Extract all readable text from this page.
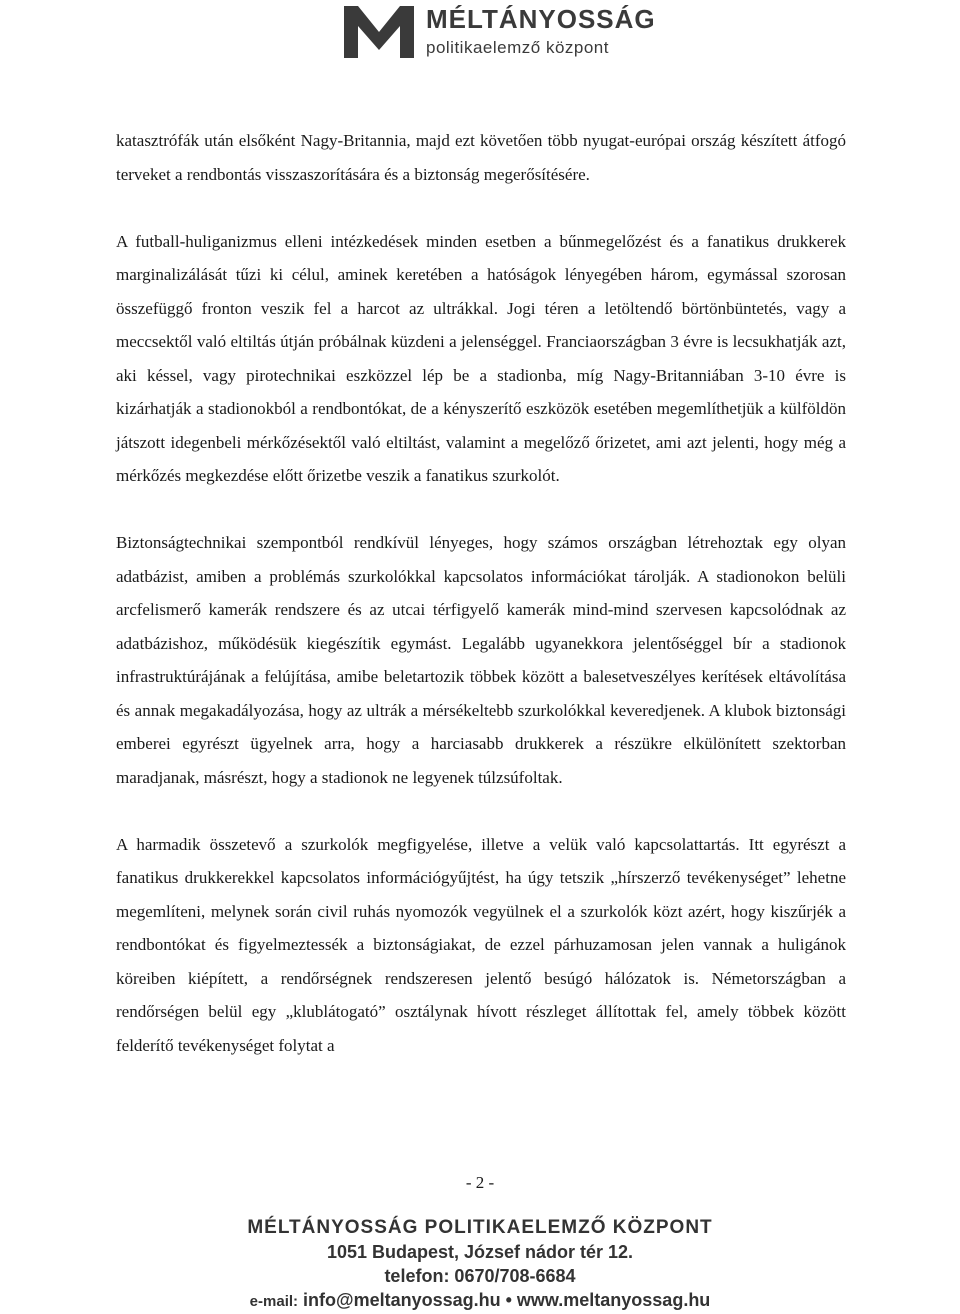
MÉLTÁNYOSSÁG
politikaelemző központ

katasztrófák után elsőként Nagy-Britannia, majd ezt követően több nyugat-európai ország készített átfogó terveket a rendbontás visszaszorítására és a biztonság megerősítésére.

A futball-huliganizmus elleni intézkedések minden esetben a bűnmegelőzést és a fanatikus drukkerek marginalizálását tűzi ki célul, aminek keretében a hatóságok lényegében három, egymással szorosan összefüggő fronton veszik fel a harcot az ultrákkal. Jogi téren a letöltendő börtönbüntetés, vagy a meccsektől való eltiltás útján próbálnak küzdeni a jelenséggel. Franciaországban 3 évre is lecsukhatják azt, aki késsel, vagy pirotechnikai eszközzel lép be a stadionba, míg Nagy-Britanniában 3-10 évre is kizárhatják a stadionokból a rendbontókat, de a kényszerítő eszközök esetében megemlíthetjük a külföldön játszott idegenbeli mérkőzésektől való eltiltást, valamint a megelőző őrizetet, ami azt jelenti, hogy még a mérkőzés megkezdése előtt őrizetbe veszik a fanatikus szurkolót.

Biztonságtechnikai szempontból rendkívül lényeges, hogy számos országban létrehoztak egy olyan adatbázist, amiben a problémás szurkolókkal kapcsolatos információkat tárolják. A stadionokon belüli arcfelismerő kamerák rendszere és az utcai térfigyelő kamerák mind-mind szervesen kapcsolódnak az adatbázishoz, működésük kiegészítik egymást. Legalább ugyanekkora jelentőséggel bír a stadionok infrastruktúrájának a felújítása, amibe beletartozik többek között a balesetveszélyes kerítések eltávolítása és annak megakadályozása, hogy az ultrák a mérsékeltebb szurkolókkal keveredjenek. A klubok biztonsági emberei egyrészt ügyelnek arra, hogy a harciasabb drukkerek a részükre elkülönített szektorban maradjanak, másrészt, hogy a stadionok ne legyenek túlzsúfoltak.

A harmadik összetevő a szurkolók megfigyelése, illetve a velük való kapcsolattartás. Itt egyrészt a fanatikus drukkerekkel kapcsolatos információgyűjtést, ha úgy tetszik „hírszerző tevékenységet” lehetne megemlíteni, melynek során civil ruhás nyomozók vegyülnek el a szurkolók közt azért, hogy kiszűrjék a rendbontókat és figyelmeztessék a biztonságiakat, de ezzel párhuzamosan jelen vannak a huligánok köreiben kiépített, a rendőrségnek rendszeresen jelentő besúgó hálózatok is. Németországban a rendőrségen belül egy „klublátogató” osztálynak hívott részleget állítottak fel, amely többek között felderítő tevékenységet folytat a

- 2 -
MÉLTÁNYOSSÁG POLITIKAELEMZŐ KÖZPONT
1051 Budapest, József nádor tér 12.
telefon: 0670/708-6684
e-mail: info@meltanyossag.hu • www.meltanyossag.hu
